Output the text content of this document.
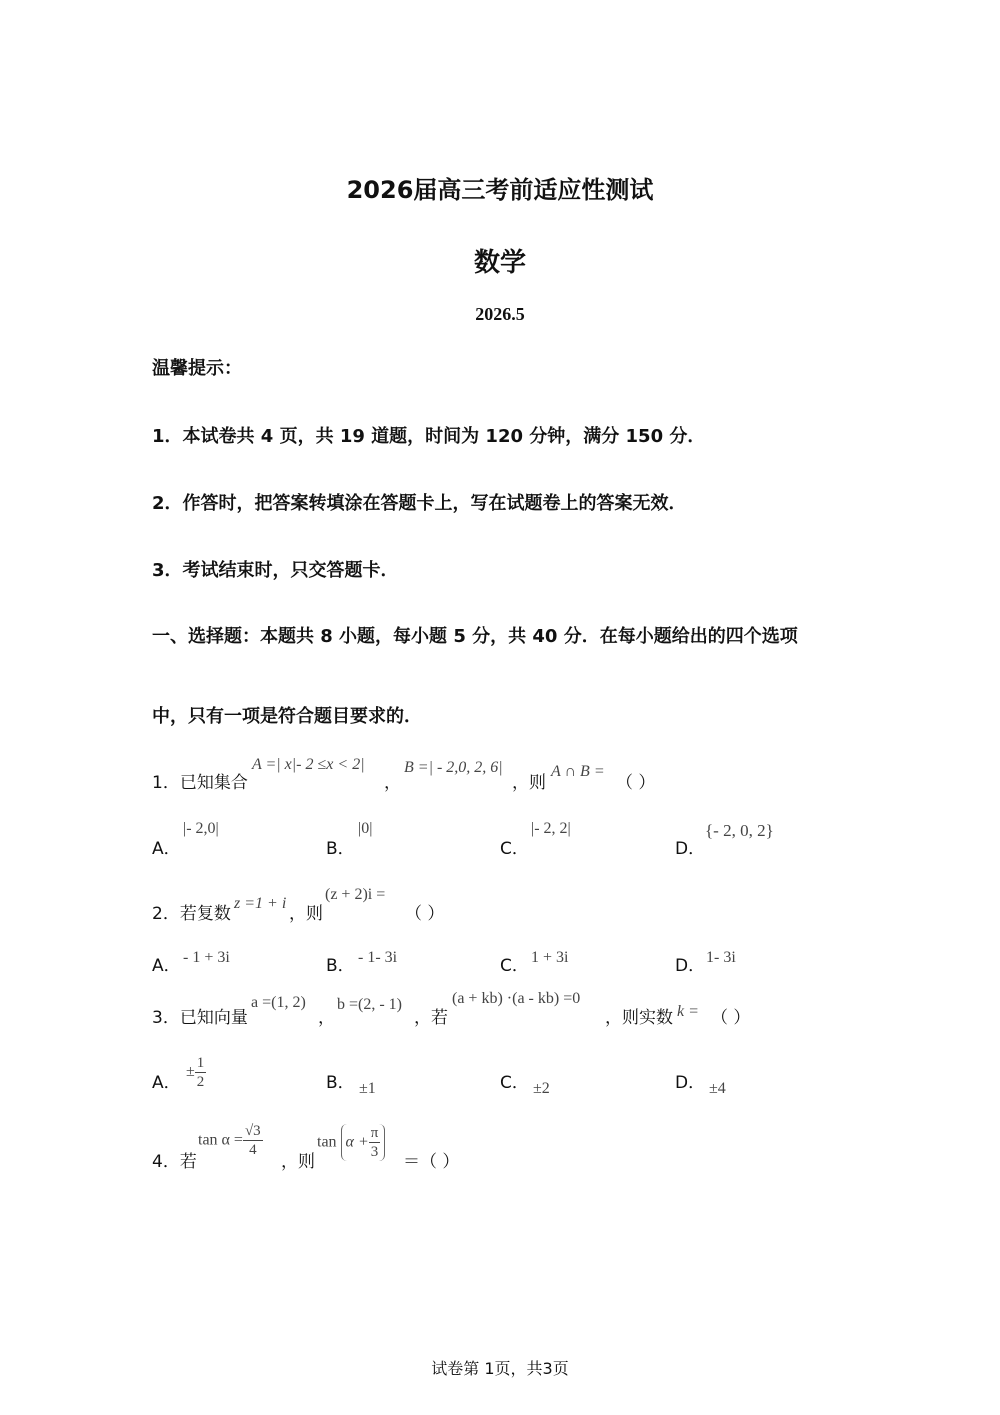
2026届高三考前适应性测试
数学
2026.5
温馨提示：
1．本试卷共 4 页，共 19 道题，时间为 120 分钟，满分 150 分．
2．作答时，把答案转填涂在答题卡上，写在试题卷上的答案无效．
3．考试结束时，只交答题卡．
一、选择题：本题共 8 小题，每小题 5 分，共 40 分．在每小题给出的四个选项
中，只有一项是符合题目要求的．
1．已知集合
A =| x|- 2 ≤x < 2|
，
B =| - 2,0, 2, 6|
，则
A ∩ B =
（ ）
A．
|- 2,0|
B．
|0|
C．
|- 2, 2|
D．
{- 2, 0, 2}
2．若复数
z =1 + i
，则
(z + 2)i =
（ ）
A． - 1 + 3i	B． - 1- 3i	C． 1 + 3i	D． 1- 3i
3．已知向量
a =(1, 2)
，
b =(2, - 1)
，若
(a + kb) ·(a - kb) =0
，则实数 k = （ ）
A．
± $\frac{1}{2}$	B． ±1	C． ±2	D． ±4
4．若
$\tan \alpha = \frac{√3}{4}$
，则
$\tan \alpha + \frac{\pi}{3}$
＝（ ）
试卷第 1页，共3页
